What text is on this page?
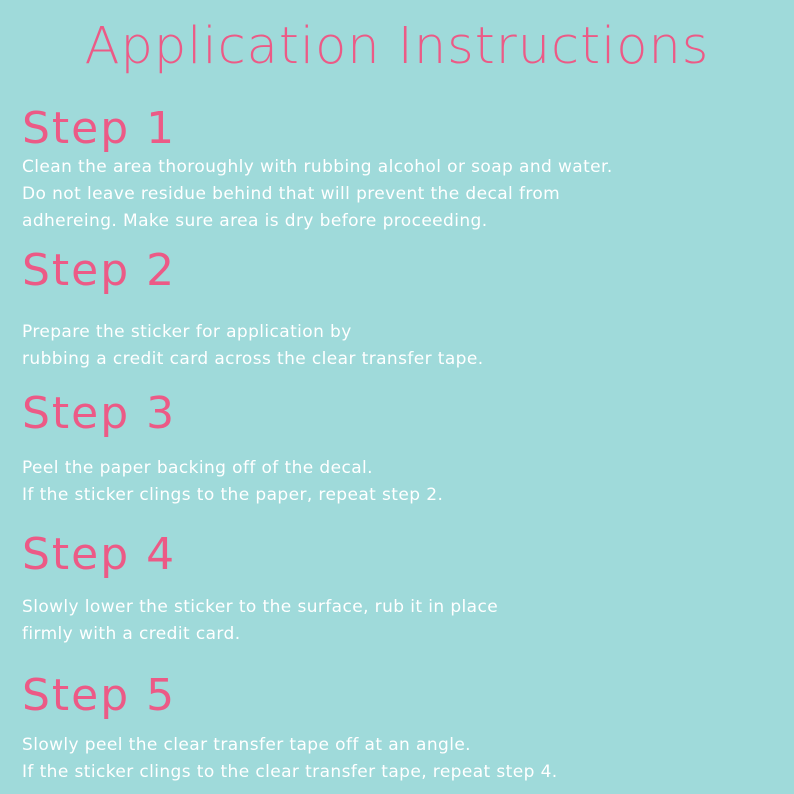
Application Instructions
Step 1
Clean the area thoroughly with rubbing alcohol or soap and water.
Do not leave residue behind that will prevent the decal from
adhereing. Make sure area is dry before proceeding.
Step 2
Prepare the sticker for application by
rubbing a credit card across the clear transfer tape.
Step 3
Peel the paper backing off of the decal.
If the sticker clings to the paper, repeat step 2.
Step 4
Slowly lower the sticker to the surface, rub it in place
firmly with a credit card.
Step 5
Slowly peel the clear transfer tape off at an angle.
If the sticker clings to the clear transfer tape, repeat step 4.
